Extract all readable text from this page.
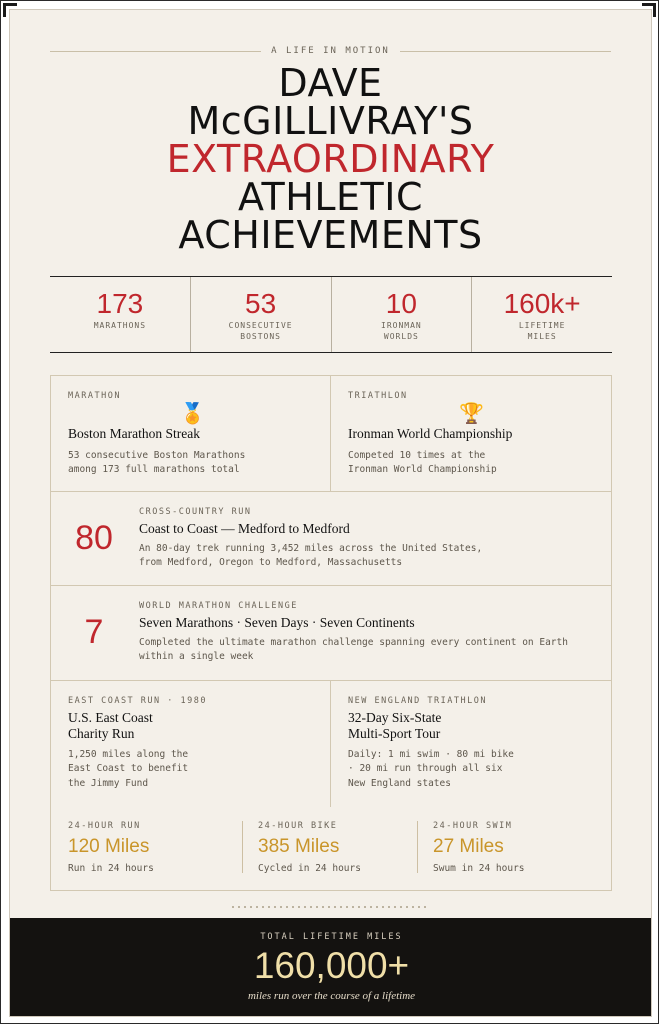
A LIFE IN MOTION
DAVE
McGILLIVRAY'S
EXTRAORDINARY
ATHLETIC
ACHIEVEMENTS
173
MARATHONS
53
CONSECUTIVE
BOSTONS
10
IRONMAN
WORLDS
160k+
LIFETIME
MILES
MARATHON
🏅
Boston Marathon Streak
53 consecutive Boston Marathons
among 173 full marathons total
TRIATHLON
🏆
Ironman World Championship
Competed 10 times at the
Ironman World Championship
80
CROSS-COUNTRY RUN
Coast to Coast — Medford to Medford
An 80-day trek running 3,452 miles across the United States,
from Medford, Oregon to Medford, Massachusetts
7
WORLD MARATHON CHALLENGE
Seven Marathons · Seven Days · Seven Continents
Completed the ultimate marathon challenge spanning every continent on Earth
within a single week
EAST COAST RUN · 1980
U.S. East Coast
Charity Run
1,250 miles along the
East Coast to benefit
the Jimmy Fund
NEW ENGLAND TRIATHLON
32-Day Six-State
Multi-Sport Tour
Daily: 1 mi swim · 80 mi bike
· 20 mi run through all six
New England states
24-HOUR RUN
120 Miles
Run in 24 hours
24-HOUR BIKE
385 Miles
Cycled in 24 hours
24-HOUR SWIM
27 Miles
Swum in 24 hours
TOTAL LIFETIME MILES
160,000+
miles run over the course of a lifetime
